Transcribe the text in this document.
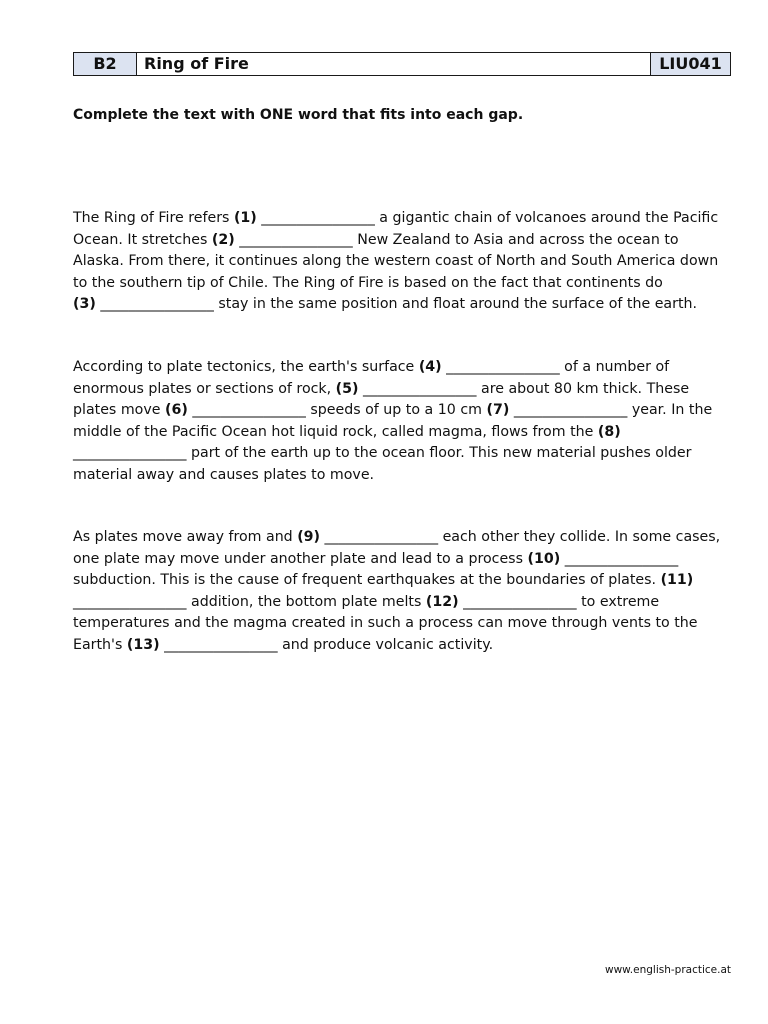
B2	Ring of Fire	LIU041

Complete the text with ONE word that fits into each gap.

The Ring of Fire refers (1) ________________ a gigantic chain of volcanoes around the Pacific Ocean. It stretches (2) ________________ New Zealand to Asia and across the ocean to Alaska. From there, it continues along the western coast of North and South America down to the southern tip of Chile. The Ring of Fire is based on the fact that continents do
(3) ________________ stay in the same position and float around the surface of the earth.

According to plate tectonics, the earth's surface (4) ________________ of a number of enormous plates or sections of rock, (5) ________________ are about 80 km thick. These plates move (6) ________________ speeds of up to a 10 cm (7) ________________ year. In the middle of the Pacific Ocean hot liquid rock, called magma, flows from the (8) ________________ part of the earth up to the ocean floor. This new material pushes older material away and causes plates to move.

As plates move away from and (9) ________________ each other they collide. In some cases, one plate may move under another plate and lead to a process (10) ________________ subduction. This is the cause of frequent earthquakes at the boundaries of plates. (11) ________________ addition, the bottom plate melts (12) ________________ to extreme temperatures and the magma created in such a process can move through vents to the Earth's (13) ________________ and produce volcanic activity.

www.english-practice.at
